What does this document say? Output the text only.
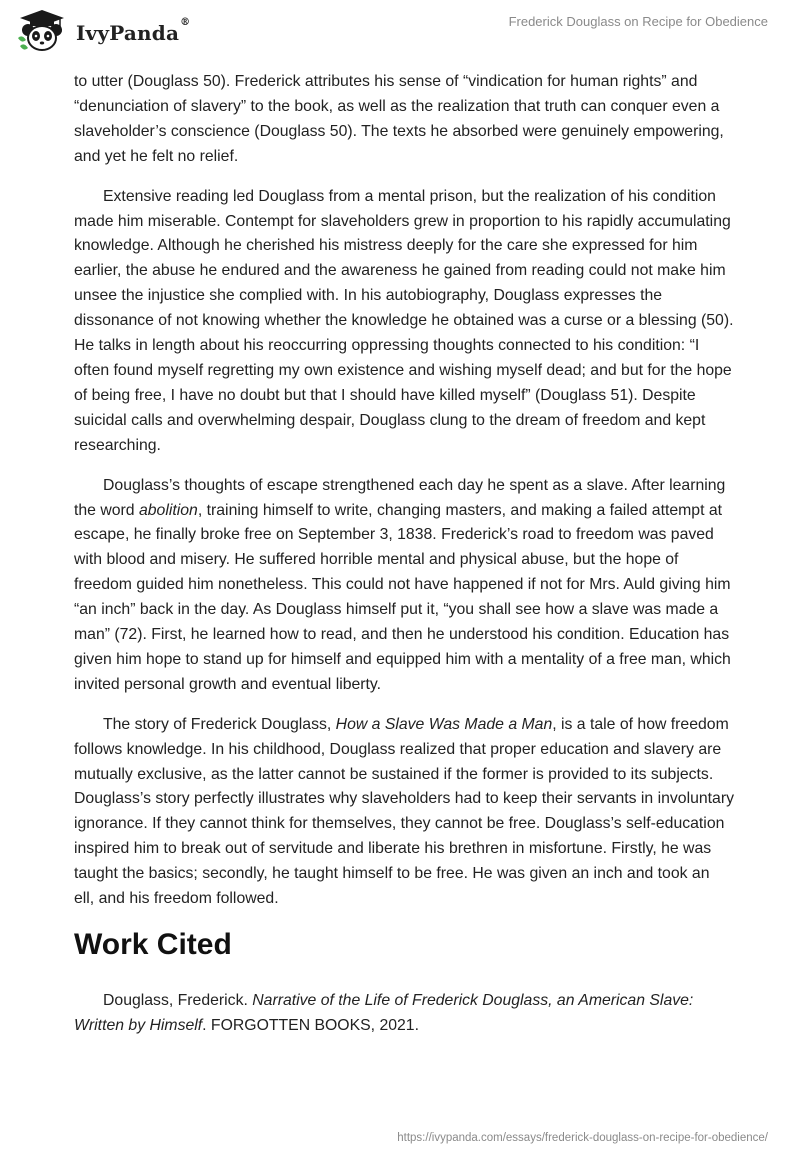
IvyPanda®	Frederick Douglass on Recipe for Obedience

to utter (Douglass 50). Frederick attributes his sense of “vindication for human rights” and “denunciation of slavery” to the book, as well as the realization that truth can conquer even a slaveholder’s conscience (Douglass 50). The texts he absorbed were genuinely empowering, and yet he felt no relief.

Extensive reading led Douglass from a mental prison, but the realization of his condition made him miserable. Contempt for slaveholders grew in proportion to his rapidly accumulating knowledge. Although he cherished his mistress deeply for the care she expressed for him earlier, the abuse he endured and the awareness he gained from reading could not make him unsee the injustice she complied with. In his autobiography, Douglass expresses the dissonance of not knowing whether the knowledge he obtained was a curse or a blessing (50). He talks in length about his reoccurring oppressing thoughts connected to his condition: “I often found myself regretting my own existence and wishing myself dead; and but for the hope of being free, I have no doubt but that I should have killed myself” (Douglass 51). Despite suicidal calls and overwhelming despair, Douglass clung to the dream of freedom and kept researching.

Douglass’s thoughts of escape strengthened each day he spent as a slave. After learning the word abolition, training himself to write, changing masters, and making a failed attempt at escape, he finally broke free on September 3, 1838. Frederick’s road to freedom was paved with blood and misery. He suffered horrible mental and physical abuse, but the hope of freedom guided him nonetheless. This could not have happened if not for Mrs. Auld giving him “an inch” back in the day. As Douglass himself put it, “you shall see how a slave was made a man” (72). First, he learned how to read, and then he understood his condition. Education has given him hope to stand up for himself and equipped him with a mentality of a free man, which invited personal growth and eventual liberty.

The story of Frederick Douglass, How a Slave Was Made a Man, is a tale of how freedom follows knowledge. In his childhood, Douglass realized that proper education and slavery are mutually exclusive, as the latter cannot be sustained if the former is provided to its subjects. Douglass’s story perfectly illustrates why slaveholders had to keep their servants in involuntary ignorance. If they cannot think for themselves, they cannot be free. Douglass’s self-education inspired him to break out of servitude and liberate his brethren in misfortune. Firstly, he was taught the basics; secondly, he taught himself to be free. He was given an inch and took an ell, and his freedom followed.

Work Cited

Douglass, Frederick. Narrative of the Life of Frederick Douglass, an American Slave: Written by Himself. FORGOTTEN BOOKS, 2021.

https://ivypanda.com/essays/frederick-douglass-on-recipe-for-obedience/
